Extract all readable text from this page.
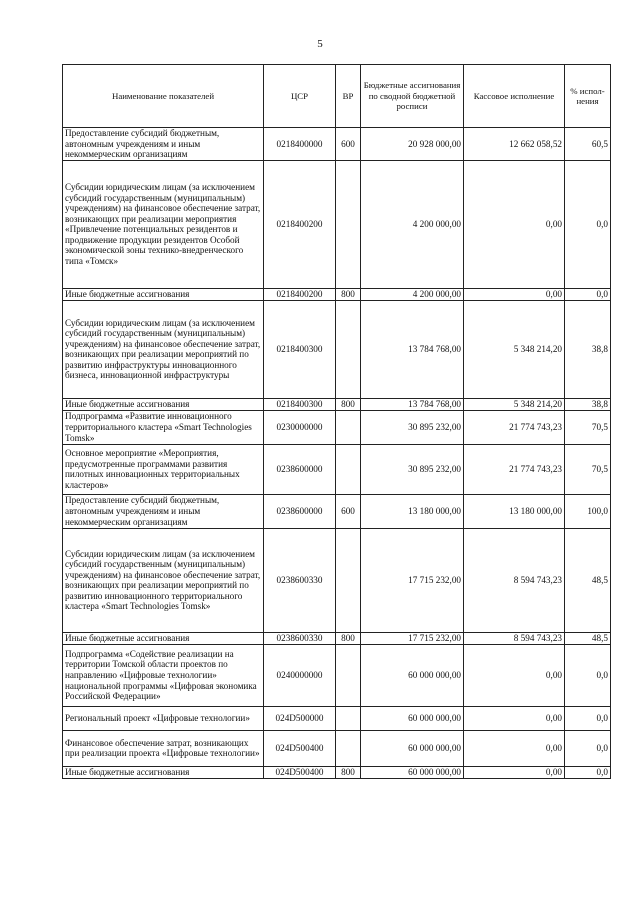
5
Наименование показателей	ЦСР	ВР	Бюджетные ассигнования по сводной бюджетной росписи	Кассовое исполнение	% испол-нения
Предоставление субсидий бюджетным, автономным учреждениям и иным некоммерческим организациям	0218400000	600	20 928 000,00	12 662 058,52	60,5
Субсидии юридическим лицам (за исключением субсидий государственным (муниципальным) учреждениям) на финансовое обеспечение затрат, возникающих при реализации мероприятия «Привлечение потенциальных резидентов и продвижение продукции резидентов Особой экономической зоны технико-внедренческого типа «Томск»	0218400200		4 200 000,00	0,00	0,0
Иные бюджетные ассигнования	0218400200	800	4 200 000,00	0,00	0,0
Субсидии юридическим лицам (за исключением субсидий государственным (муниципальным) учреждениям) на финансовое обеспечение затрат, возникающих при реализации мероприятий по развитию инфраструктуры инновационного бизнеса, инновационной инфраструктуры	0218400300		13 784 768,00	5 348 214,20	38,8
Иные бюджетные ассигнования	0218400300	800	13 784 768,00	5 348 214,20	38,8
Подпрограмма «Развитие инновационного территориального кластера «Smart Technologies Tomsk»	0230000000		30 895 232,00	21 774 743,23	70,5
Основное мероприятие «Мероприятия, предусмотренные программами развития пилотных инновационных территориальных кластеров»	0238600000		30 895 232,00	21 774 743,23	70,5
Предоставление субсидий бюджетным, автономным учреждениям и иным некоммерческим организациям	0238600000	600	13 180 000,00	13 180 000,00	100,0
Субсидии юридическим лицам (за исключением субсидий государственным (муниципальным) учреждениям) на финансовое обеспечение затрат, возникающих при реализации мероприятий по развитию инновационного территориального кластера «Smart Technologies Tomsk»	0238600330		17 715 232,00	8 594 743,23	48,5
Иные бюджетные ассигнования	0238600330	800	17 715 232,00	8 594 743,23	48,5
Подпрограмма «Содействие реализации на территории Томской области проектов по направлению «Цифровые технологии» национальной программы «Цифровая экономика Российской Федерации»	0240000000		60 000 000,00	0,00	0,0
Региональный проект «Цифровые технологии»	024D500000		60 000 000,00	0,00	0,0
Финансовое обеспечение затрат, возникающих при реализации проекта «Цифровые технологии»	024D500400		60 000 000,00	0,00	0,0
Иные бюджетные ассигнования	024D500400	800	60 000 000,00	0,00	0,0
